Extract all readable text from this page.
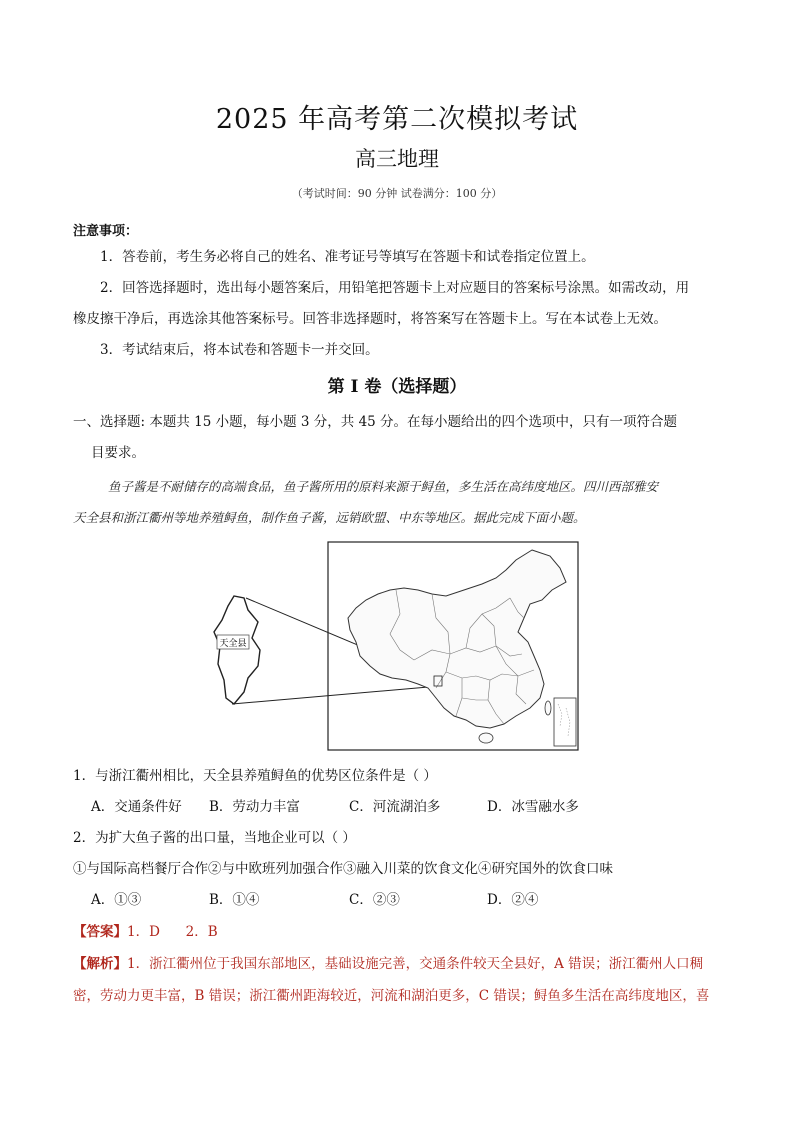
2025 年高考第二次模拟考试
高三地理
（考试时间：90 分钟 试卷满分：100 分）
注意事项：
1．答卷前，考生务必将自己的姓名、准考证号等填写在答题卡和试卷指定位置上。
2．回答选择题时，选出每小题答案后，用铅笔把答题卡上对应题目的答案标号涂黑。如需改动，用
橡皮擦干净后，再选涂其他答案标号。回答非选择题时，将答案写在答题卡上。写在本试卷上无效。
3．考试结束后，将本试卷和答题卡一并交回。
第 I 卷（选择题）
一、选择题: 本题共 15 小题，每小题 3 分，共 45 分。在每小题给出的四个选项中，只有一项符合题
目要求。
鱼子酱是不耐储存的高端食品，鱼子酱所用的原料来源于鲟鱼，多生活在高纬度地区。四川西部雅安
天全县和浙江衢州等地养殖鲟鱼，制作鱼子酱，远销欧盟、中东等地区。据此完成下面小题。
天全县
1．与浙江衢州相比，天全县养殖鲟鱼的优势区位条件是（ ）
A．交通条件好 B．劳动力丰富	C．河流湖泊多	D．冰雪融水多
2．为扩大鱼子酱的出口量，当地企业可以（ ）
①与国际高档餐厅合作②与中欧班列加强合作③融入川菜的饮食文化④研究国外的饮食口味
A．①③	B．①④	C．②③	D．②④
【答案】1．D      2．B
【解析】1．浙江衢州位于我国东部地区，基础设施完善，交通条件较天全县好，A 错误；浙江衢州人口稠
密，劳动力更丰富，B 错误；浙江衢州距海较近，河流和湖泊更多，C 错误；鲟鱼多生活在高纬度地区，喜
